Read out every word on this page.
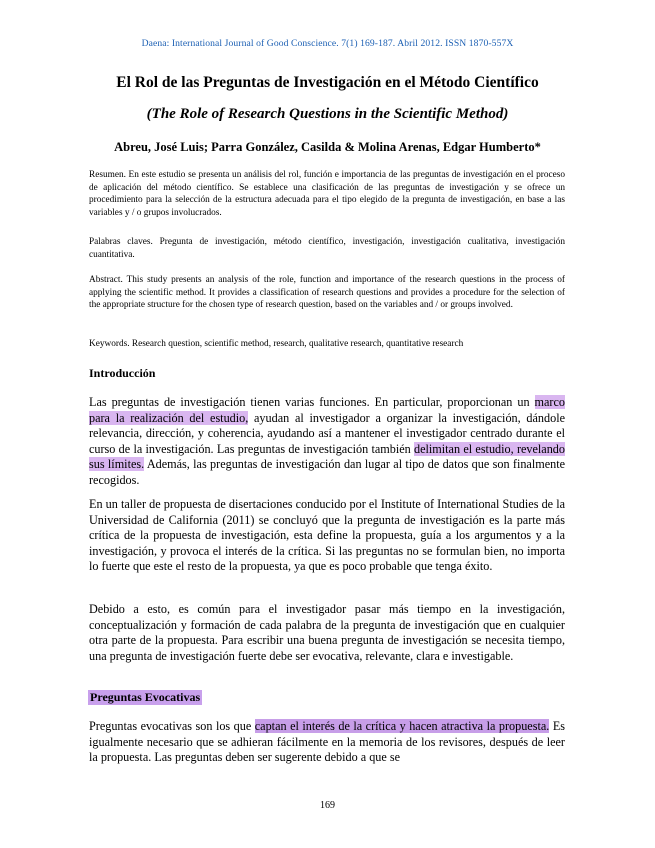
Daena: International Journal of Good Conscience. 7(1) 169-187. Abril 2012. ISSN 1870-557X
El Rol de las Preguntas de Investigación en el Método Científico
(The Role of Research Questions in the Scientific Method)
Abreu, José Luis; Parra González, Casilda & Molina Arenas, Edgar Humberto*
Resumen. En este estudio se presenta un análisis del rol, función e importancia de las preguntas de investigación en el proceso de aplicación del método científico. Se establece una clasificación de las preguntas de investigación y se ofrece un procedimiento para la selección de la estructura adecuada para el tipo elegido de la pregunta de investigación, en base a las variables y / o grupos involucrados.
Palabras claves. Pregunta de investigación, método científico, investigación, investigación cualitativa, investigación cuantitativa.
Abstract. This study presents an analysis of the role, function and importance of the research questions in the process of applying the scientific method. It provides a classification of research questions and provides a procedure for the selection of the appropriate structure for the chosen type of research question, based on the variables and / or groups involved.
Keywords. Research question, scientific method, research, qualitative research, quantitative research
Introducción
Las preguntas de investigación tienen varias funciones. En particular, proporcionan un marco para la realización del estudio, ayudan al investigador a organizar la investigación, dándole relevancia, dirección, y coherencia, ayudando así a mantener el investigador centrado durante el curso de la investigación. Las preguntas de investigación también delimitan el estudio, revelando sus límites. Además, las preguntas de investigación dan lugar al tipo de datos que son finalmente recogidos.
En un taller de propuesta de disertaciones conducido por el Institute of International Studies de la Universidad de California (2011) se concluyó que la pregunta de investigación es la parte más crítica de la propuesta de investigación, esta define la propuesta, guía a los argumentos y a la investigación, y provoca el interés de la crítica. Si las preguntas no se formulan bien, no importa lo fuerte que este el resto de la propuesta, ya que es poco probable que tenga éxito.
Debido a esto, es común para el investigador pasar más tiempo en la investigación, conceptualización y formación de cada palabra de la pregunta de investigación que en cualquier otra parte de la propuesta. Para escribir una buena pregunta de investigación se necesita tiempo, una pregunta de investigación fuerte debe ser evocativa, relevante, clara e investigable.
Preguntas Evocativas
Preguntas evocativas son los que captan el interés de la crítica y hacen atractiva la propuesta. Es igualmente necesario que se adhieran fácilmente en la memoria de los revisores, después de leer la propuesta. Las preguntas deben ser sugerente debido a que se
169
